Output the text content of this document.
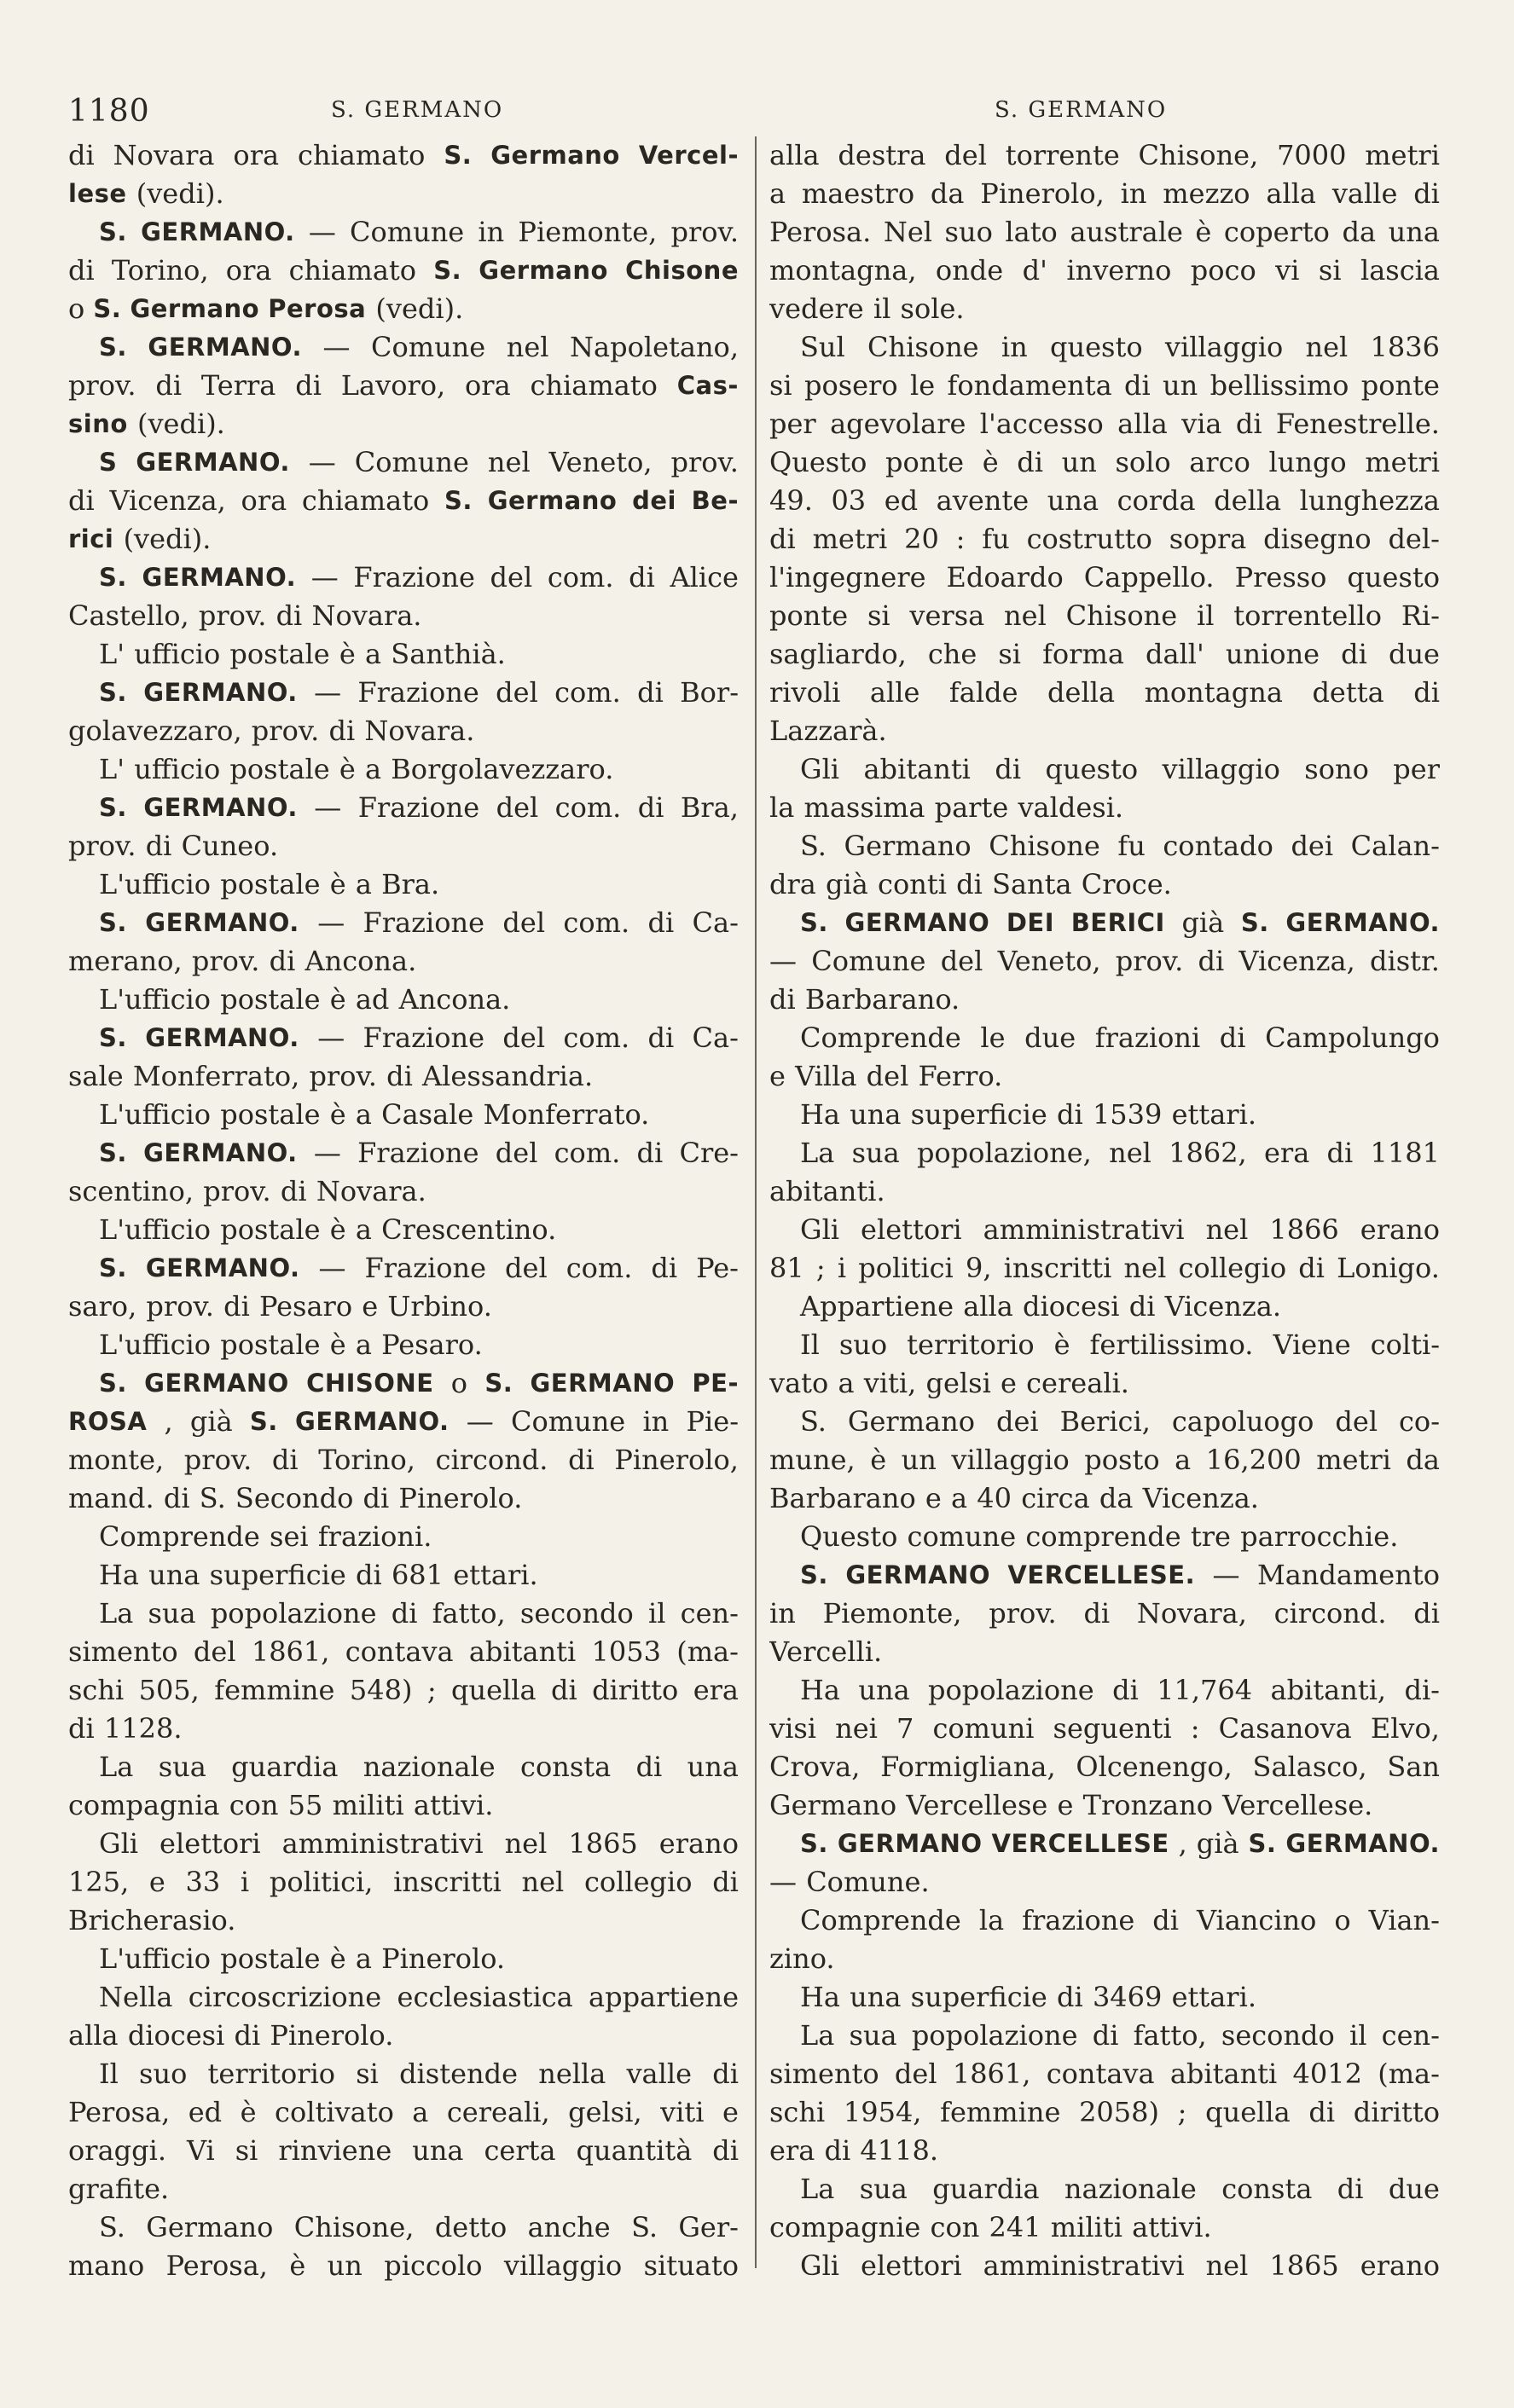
1180	S. GERMANO	S. GERMANO
di Novara ora chiamato S. Germano Vercel-
lese (vedi).
S. GERMANO. — Comune in Piemonte, prov.
di Torino, ora chiamato S. Germano Chisone
o S. Germano Perosa (vedi).
S. GERMANO. — Comune nel Napoletano,
prov. di Terra di Lavoro, ora chiamato Cas-
sino (vedi).
S GERMANO. — Comune nel Veneto, prov.
di Vicenza, ora chiamato S. Germano dei Be-
rici (vedi).
S. GERMANO. — Frazione del com. di Alice
Castello, prov. di Novara.
L' ufficio postale è a Santhià.
S. GERMANO. — Frazione del com. di Bor-
golavezzaro, prov. di Novara.
L' ufficio postale è a Borgolavezzaro.
S. GERMANO. — Frazione del com. di Bra,
prov. di Cuneo.
L'ufficio postale è a Bra.
S. GERMANO. — Frazione del com. di Ca-
merano, prov. di Ancona.
L'ufficio postale è ad Ancona.
S. GERMANO. — Frazione del com. di Ca-
sale Monferrato, prov. di Alessandria.
L'ufficio postale è a Casale Monferrato.
S. GERMANO. — Frazione del com. di Cre-
scentino, prov. di Novara.
L'ufficio postale è a Crescentino.
S. GERMANO. — Frazione del com. di Pe-
saro, prov. di Pesaro e Urbino.
L'ufficio postale è a Pesaro.
S. GERMANO CHISONE o S. GERMANO PE-
ROSA , già S. GERMANO. — Comune in Pie-
monte, prov. di Torino, circond. di Pinerolo,
mand. di S. Secondo di Pinerolo.
Comprende sei frazioni.
Ha una superficie di 681 ettari.
La sua popolazione di fatto, secondo il cen-
simento del 1861, contava abitanti 1053 (ma-
schi 505, femmine 548) ; quella di diritto era
di 1128.
La sua guardia nazionale consta di una
compagnia con 55 militi attivi.
Gli elettori amministrativi nel 1865 erano
125, e 33 i politici, inscritti nel collegio di
Bricherasio.
L'ufficio postale è a Pinerolo.
Nella circoscrizione ecclesiastica appartiene
alla diocesi di Pinerolo.
Il suo territorio si distende nella valle di
Perosa, ed è coltivato a cereali, gelsi, viti e
oraggi. Vi si rinviene una certa quantità di
grafite.
S. Germano Chisone, detto anche S. Ger-
mano Perosa, è un piccolo villaggio situato
alla destra del torrente Chisone, 7000 metri
a maestro da Pinerolo, in mezzo alla valle di
Perosa. Nel suo lato australe è coperto da una
montagna, onde d' inverno poco vi si lascia
vedere il sole.
Sul Chisone in questo villaggio nel 1836
si posero le fondamenta di un bellissimo ponte
per agevolare l'accesso alla via di Fenestrelle.
Questo ponte è di un solo arco lungo metri
49. 03 ed avente una corda della lunghezza
di metri 20 : fu costrutto sopra disegno del-
l'ingegnere Edoardo Cappello. Presso questo
ponte si versa nel Chisone il torrentello Ri-
sagliardo, che si forma dall' unione di due
rivoli alle falde della montagna detta di
Lazzarà.
Gli abitanti di questo villaggio sono per
la massima parte valdesi.
S. Germano Chisone fu contado dei Calan-
dra già conti di Santa Croce.
S. GERMANO DEI BERICI già S. GERMANO.
— Comune del Veneto, prov. di Vicenza, distr.
di Barbarano.
Comprende le due frazioni di Campolungo
e Villa del Ferro.
Ha una superficie di 1539 ettari.
La sua popolazione, nel 1862, era di 1181
abitanti.
Gli elettori amministrativi nel 1866 erano
81 ; i politici 9, inscritti nel collegio di Lonigo.
Appartiene alla diocesi di Vicenza.
Il suo territorio è fertilissimo. Viene colti-
vato a viti, gelsi e cereali.
S. Germano dei Berici, capoluogo del co-
mune, è un villaggio posto a 16,200 metri da
Barbarano e a 40 circa da Vicenza.
Questo comune comprende tre parrocchie.
S. GERMANO VERCELLESE. — Mandamento
in Piemonte, prov. di Novara, circond. di
Vercelli.
Ha una popolazione di 11,764 abitanti, di-
visi nei 7 comuni seguenti : Casanova Elvo,
Crova, Formigliana, Olcenengo, Salasco, San
Germano Vercellese e Tronzano Vercellese.
S. GERMANO VERCELLESE , già S. GERMANO.
— Comune.
Comprende la frazione di Viancino o Vian-
zino.
Ha una superficie di 3469 ettari.
La sua popolazione di fatto, secondo il cen-
simento del 1861, contava abitanti 4012 (ma-
schi 1954, femmine 2058) ; quella di diritto
era di 4118.
La sua guardia nazionale consta di due
compagnie con 241 militi attivi.
Gli elettori amministrativi nel 1865 erano
